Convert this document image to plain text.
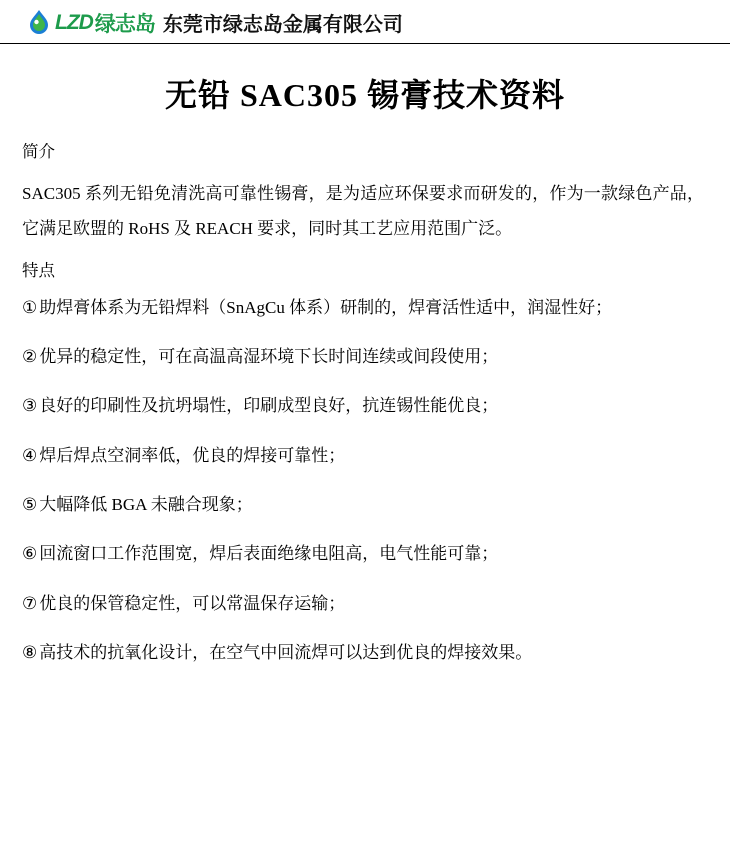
LZD 绿志岛 东莞市绿志岛金属有限公司
无铅 SAC305 锡膏技术资料
简介

SAC305 系列无铅免清洗高可靠性锡膏，是为适应环保要求而研发的，作为一款绿色产品，它满足欧盟的 RoHS 及 REACH 要求，同时其工艺应用范围广泛。

特点
① 助焊膏体系为无铅焊料（SnAgCu 体系）研制的，焊膏活性适中，润湿性好；
② 优异的稳定性，可在高温高湿环境下长时间连续或间段使用；
③ 良好的印刷性及抗坍塌性，印刷成型良好，抗连锡性能优良；
④ 焊后焊点空洞率低，优良的焊接可靠性；
⑤ 大幅降低 BGA 未融合现象；
⑥ 回流窗口工作范围宽，焊后表面绝缘电阻高，电气性能可靠；
⑦ 优良的保管稳定性，可以常温保存运输；
⑧ 高技术的抗氧化设计，在空气中回流焊可以达到优良的焊接效果。
